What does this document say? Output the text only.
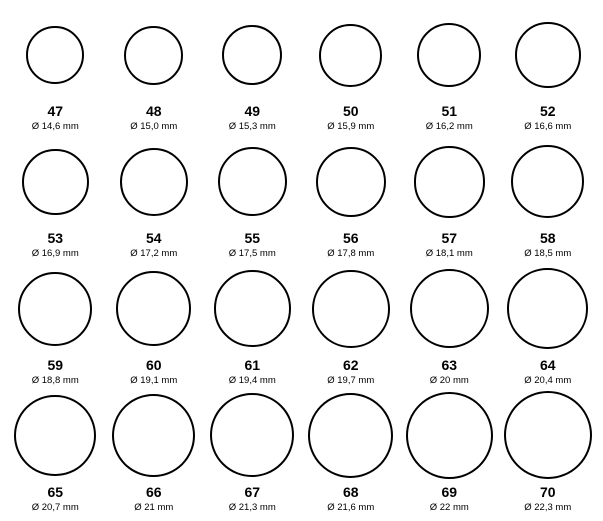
47
Ø 14,6 mm
48
Ø 15,0 mm
49
Ø 15,3 mm
50
Ø 15,9 mm
51
Ø 16,2 mm
52
Ø 16,6 mm
53
Ø 16,9 mm
54
Ø 17,2 mm
55
Ø 17,5 mm
56
Ø 17,8 mm
57
Ø 18,1 mm
58
Ø 18,5 mm
59
Ø 18,8 mm
60
Ø 19,1 mm
61
Ø 19,4 mm
62
Ø 19,7 mm
63
Ø 20 mm
64
Ø 20,4 mm
65
Ø 20,7 mm
66
Ø 21 mm
67
Ø 21,3 mm
68
Ø 21,6 mm
69
Ø 22 mm
70
Ø 22,3 mm
